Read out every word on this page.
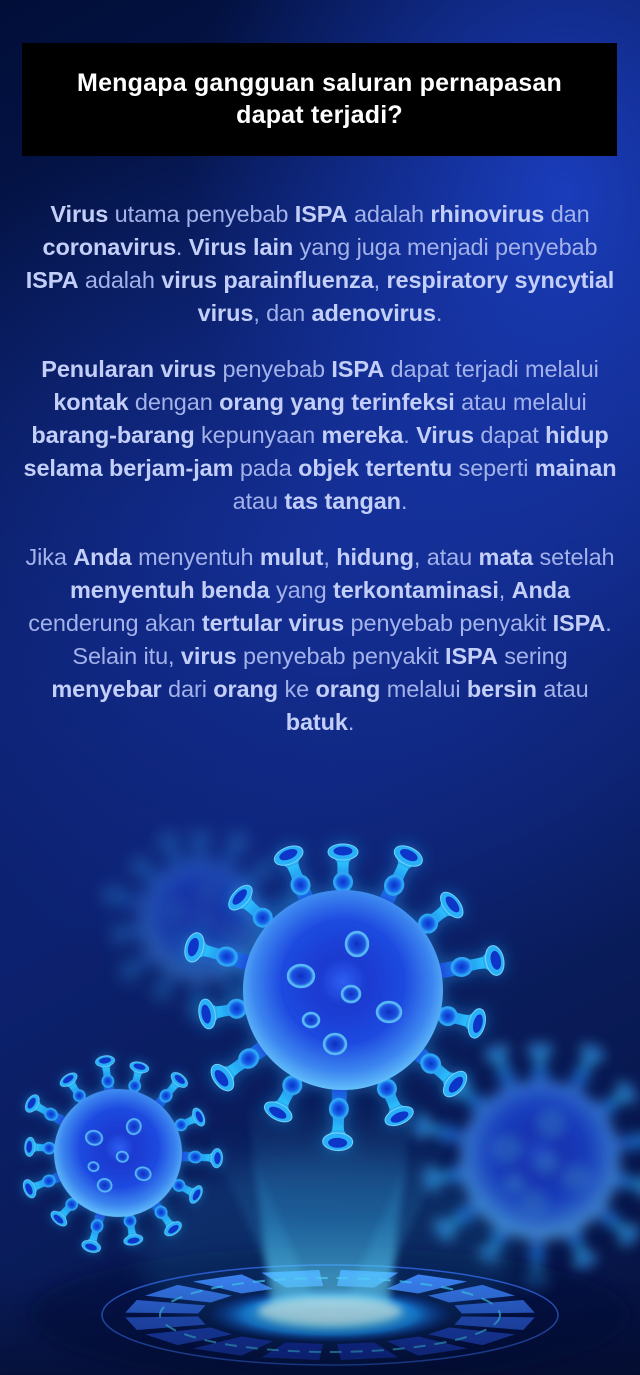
Mengapa gangguan saluran pernapasan dapat terjadi?

Virus utama penyebab ISPA adalah rhinovirus dan coronavirus. Virus lain yang juga menjadi penyebab ISPA adalah virus parainfluenza, respiratory syncytial virus, dan adenovirus.

Penularan virus penyebab ISPA dapat terjadi melalui kontak dengan orang yang terinfeksi atau melalui barang-barang kepunyaan mereka. Virus dapat hidup selama berjam-jam pada objek tertentu seperti mainan atau tas tangan.

Jika Anda menyentuh mulut, hidung, atau mata setelah menyentuh benda yang terkontaminasi, Anda cenderung akan tertular virus penyebab penyakit ISPA. Selain itu, virus penyebab penyakit ISPA sering menyebar dari orang ke orang melalui bersin atau batuk.
